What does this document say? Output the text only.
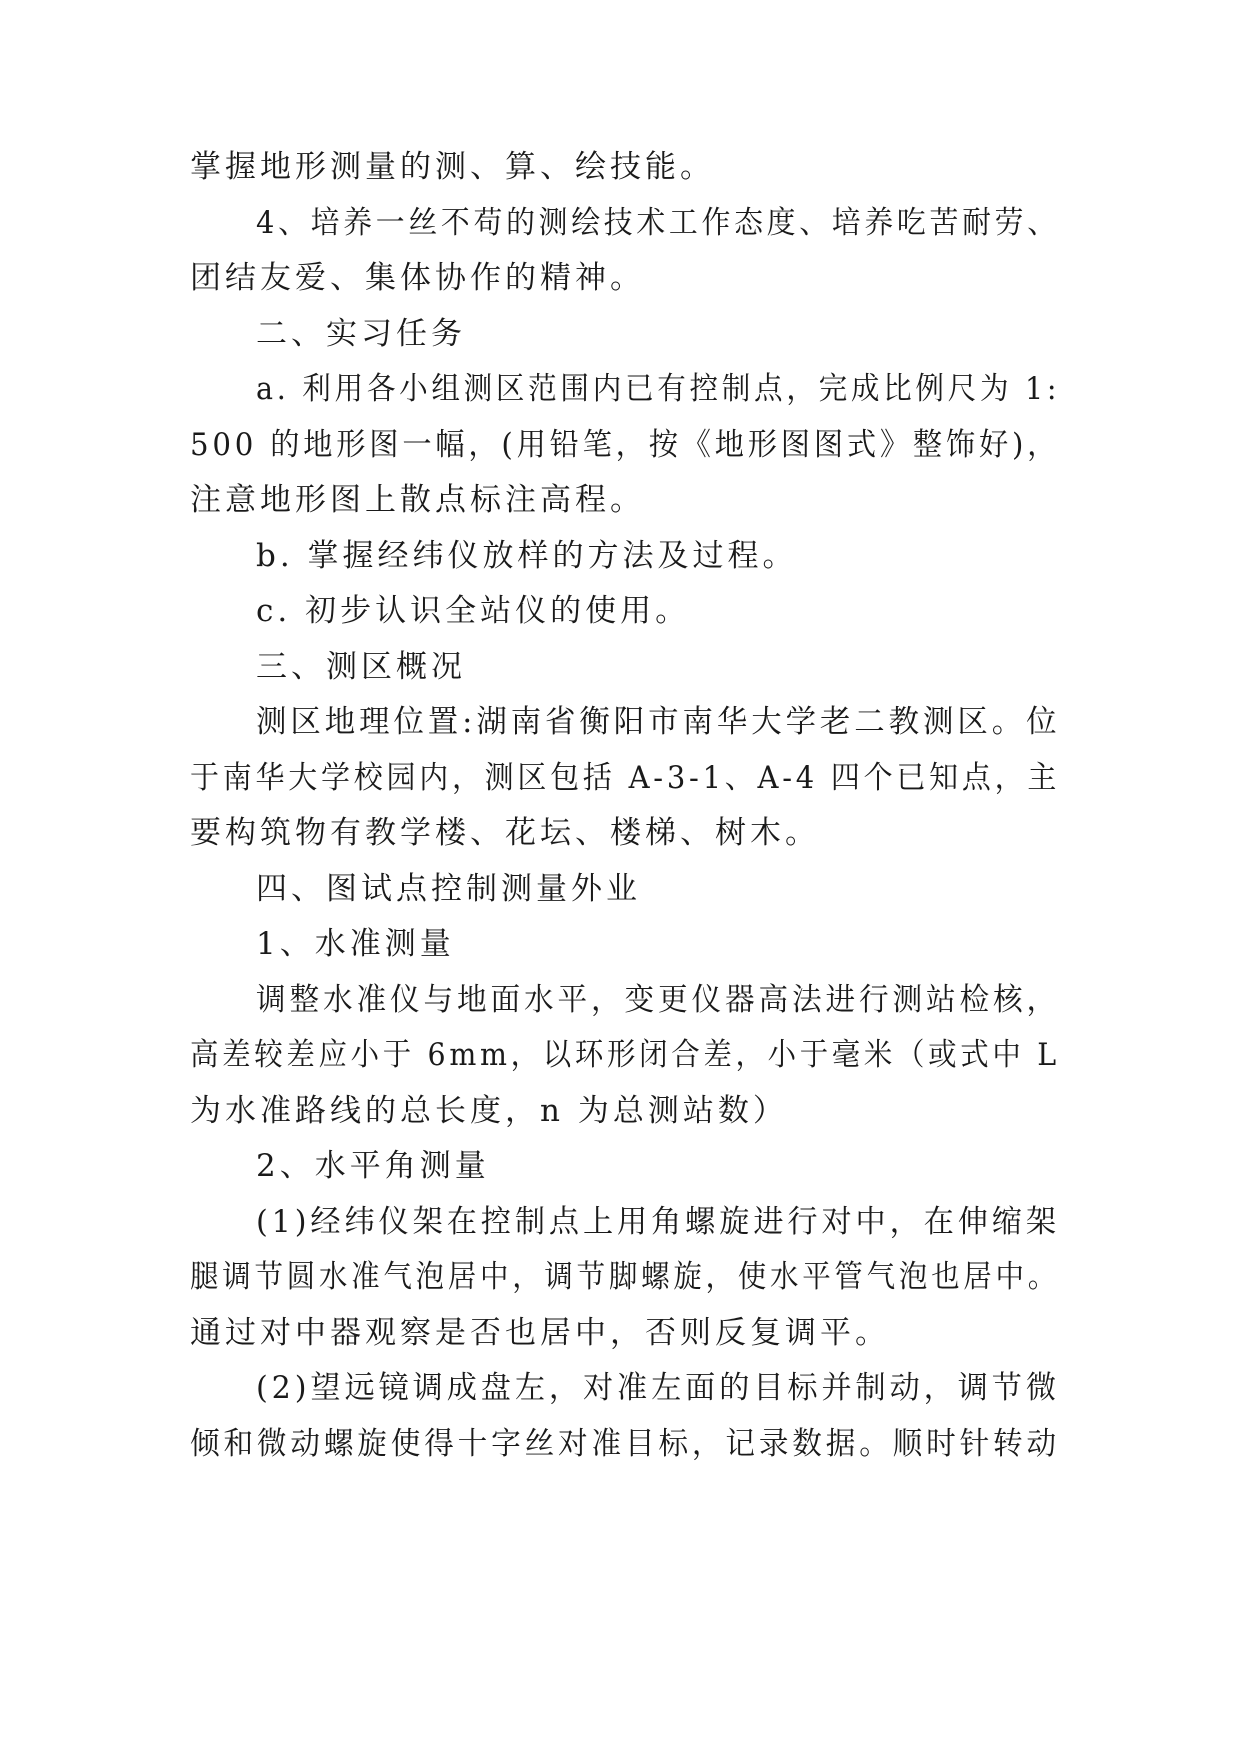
掌握地形测量的测、算、绘技能。
4、培养一丝不苟的测绘技术工作态度、培养吃苦耐劳、
团结友爱、集体协作的精神。
二、实习任务
a. 利用各小组测区范围内已有控制点，完成比例尺为 1:
500 的地形图一幅，(用铅笔，按《地形图图式》整饰好)，
注意地形图上散点标注高程。
b. 掌握经纬仪放样的方法及过程。
c. 初步认识全站仪的使用。
三、测区概况
测区地理位置:湖南省衡阳市南华大学老二教测区。位
于南华大学校园内，测区包括 A-3-1、A-4 四个已知点，主
要构筑物有教学楼、花坛、楼梯、树木。
四、图试点控制测量外业
1、水准测量
调整水准仪与地面水平，变更仪器高法进行测站检核，
高差较差应小于 6mm，以环形闭合差，小于毫米（或式中 L
为水准路线的总长度，n 为总测站数）
2、水平角测量
(1)经纬仪架在控制点上用角螺旋进行对中，在伸缩架
腿调节圆水准气泡居中，调节脚螺旋，使水平管气泡也居中。
通过对中器观察是否也居中，否则反复调平。
(2)望远镜调成盘左，对准左面的目标并制动，调节微
倾和微动螺旋使得十字丝对准目标，记录数据。顺时针转动
